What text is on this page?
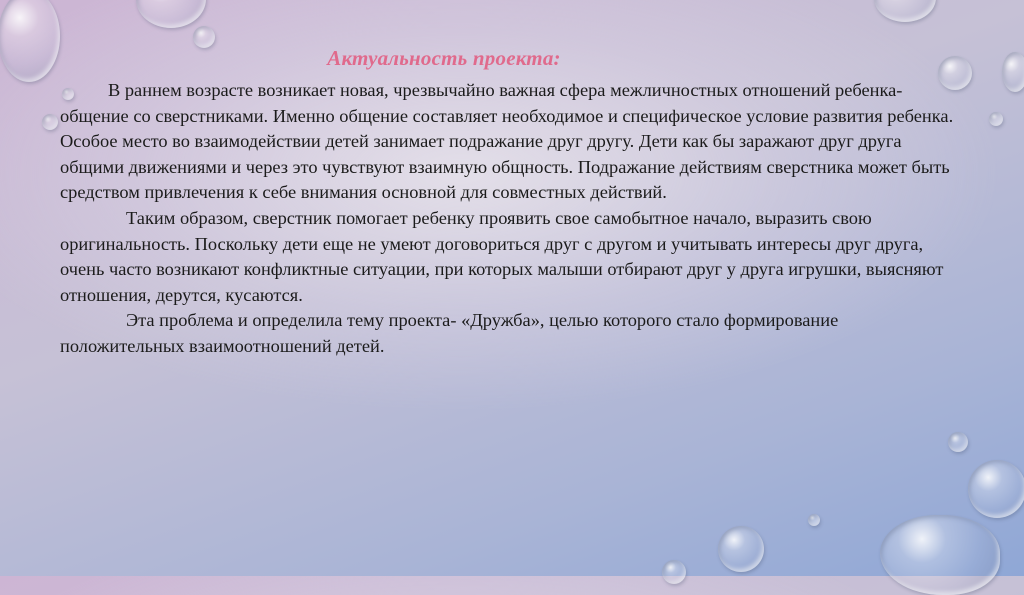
Актуальность проекта:

В раннем возрасте возникает новая, чрезвычайно важная сфера межличностных отношений ребенка- общение со сверстниками. Именно общение составляет необходимое и специфическое условие развития ребенка. Особое место во взаимодействии детей занимает подражание друг другу. Дети как бы заражают друг друга общими движениями и через это чувствуют взаимную общность. Подражание действиям сверстника может быть средством привлечения к себе внимания основной для совместных действий.

Таким образом, сверстник помогает ребенку проявить свое самобытное начало, выразить свою оригинальность. Поскольку дети еще не умеют договориться друг с другом и учитывать интересы друг друга, очень часто возникают конфликтные ситуации, при которых малыши отбирают друг у друга игрушки, выясняют отношения, дерутся, кусаются.

Эта проблема и определила тему проекта- «Дружба», целью которого стало формирование положительных взаимоотношений детей.
